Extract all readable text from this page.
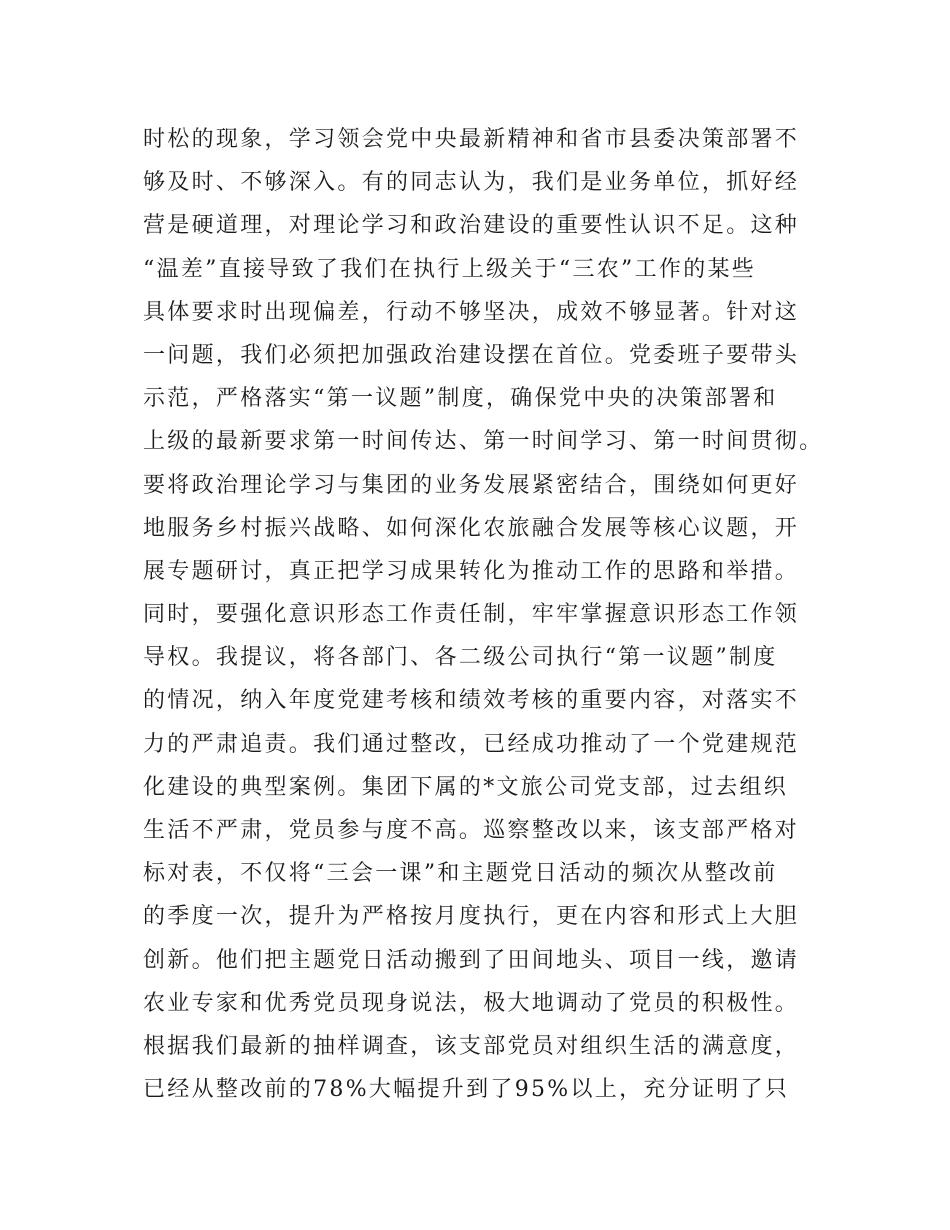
时松的现象，学习领会党中央最新精神和省市县委决策部署不
够及时、不够深入。有的同志认为，我们是业务单位，抓好经
营是硬道理，对理论学习和政治建设的重要性认识不足。这种
“温差”直接导致了我们在执行上级关于“三农”工作的某些
具体要求时出现偏差，行动不够坚决，成效不够显著。针对这
一问题，我们必须把加强政治建设摆在首位。党委班子要带头
示范，严格落实“第一议题”制度，确保党中央的决策部署和
上级的最新要求第一时间传达、第一时间学习、第一时间贯彻。
要将政治理论学习与集团的业务发展紧密结合，围绕如何更好
地服务乡村振兴战略、如何深化农旅融合发展等核心议题，开
展专题研讨，真正把学习成果转化为推动工作的思路和举措。
同时，要强化意识形态工作责任制，牢牢掌握意识形态工作领
导权。我提议，将各部门、各二级公司执行“第一议题”制度
的情况，纳入年度党建考核和绩效考核的重要内容，对落实不
力的严肃追责。我们通过整改，已经成功推动了一个党建规范
化建设的典型案例。集团下属的*文旅公司党支部，过去组织
生活不严肃，党员参与度不高。巡察整改以来，该支部严格对
标对表，不仅将“三会一课”和主题党日活动的频次从整改前
的季度一次，提升为严格按月度执行，更在内容和形式上大胆
创新。他们把主题党日活动搬到了田间地头、项目一线，邀请
农业专家和优秀党员现身说法，极大地调动了党员的积极性。
根据我们最新的抽样调查，该支部党员对组织生活的满意度，
已经从整改前的78%大幅提升到了95%以上，充分证明了只
